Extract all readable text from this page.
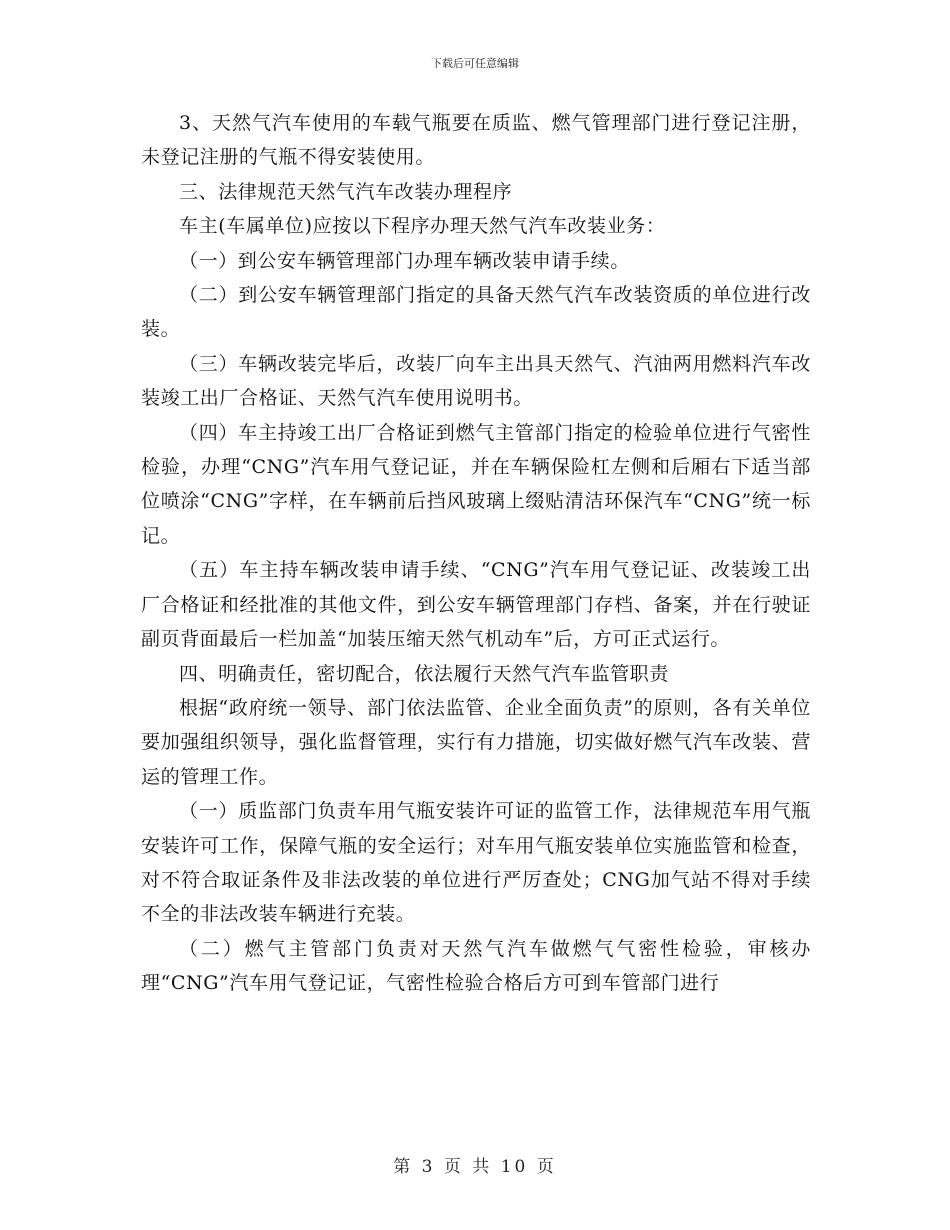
下载后可任意编辑

3、天然气汽车使用的车载气瓶要在质监、燃气管理部门进行登记注册，未登记注册的气瓶不得安装使用。

三、法律规范天然气汽车改装办理程序

车主(车属单位)应按以下程序办理天然气汽车改装业务：

（一）到公安车辆管理部门办理车辆改装申请手续。

（二）到公安车辆管理部门指定的具备天然气汽车改装资质的单位进行改装。

（三）车辆改装完毕后，改装厂向车主出具天然气、汽油两用燃料汽车改装竣工出厂合格证、天然气汽车使用说明书。

（四）车主持竣工出厂合格证到燃气主管部门指定的检验单位进行气密性检验，办理“CNG”汽车用气登记证，并在车辆保险杠左侧和后厢右下适当部位喷涂“CNG”字样，在车辆前后挡风玻璃上缀贴清洁环保汽车“CNG”统一标记。

（五）车主持车辆改装申请手续、“CNG”汽车用气登记证、改装竣工出厂合格证和经批准的其他文件，到公安车辆管理部门存档、备案，并在行驶证副页背面最后一栏加盖“加装压缩天然气机动车”后，方可正式运行。

四、明确责任，密切配合，依法履行天然气汽车监管职责

根据“政府统一领导、部门依法监管、企业全面负责”的原则，各有关单位要加强组织领导，强化监督管理，实行有力措施，切实做好燃气汽车改装、营运的管理工作。

（一）质监部门负责车用气瓶安装许可证的监管工作，法律规范车用气瓶安装许可工作，保障气瓶的安全运行；对车用气瓶安装单位实施监管和检查，对不符合取证条件及非法改装的单位进行严厉查处；CNG加气站不得对手续不全的非法改装车辆进行充装。

（二）燃气主管部门负责对天然气汽车做燃气气密性检验，审核办理“CNG”汽车用气登记证，气密性检验合格后方可到车管部门进行

第 3 页 共 10 页
